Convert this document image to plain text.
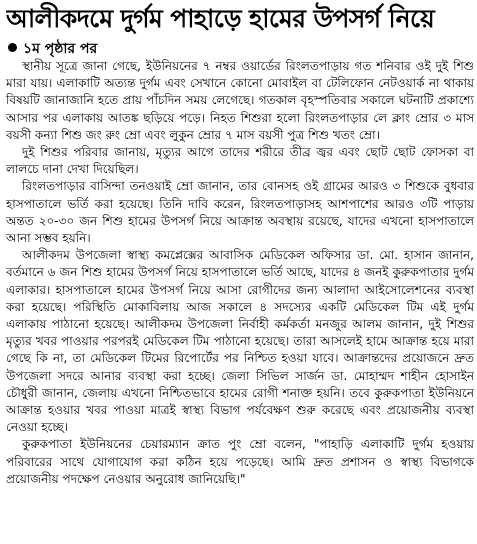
আলীকদমে দুর্গম পাহাড়ে হামের উপসর্গ নিয়ে
১ম পৃষ্ঠার পর

স্থানীয় সূত্রে জানা গেছে, ইউনিয়নের ৭ নম্বর ওয়ার্ডের রিংলতপাড়ায় গত শনিবার ওই দুই শিশু মারা যায়। এলাকাটি অত্যন্ত দুর্গম এবং সেখানে কোনো মোবাইল বা টেলিফোন নেটওয়ার্ক না থাকায় বিষয়টি জানাজানি হতে প্রায় পাঁচদিন সময় লেগেছে। গতকাল বৃহস্পতিবার সকালে ঘটনাটি প্রকাশ্যে আসার পর এলাকায় আতঙ্ক ছড়িয়ে পড়ে। নিহত শিশুরা হলো রিংলতপাড়ার লে ক্লাং ম্রোর ৩ মাস বয়সী কন্যা শিশু জং রুং ম্রো এবং লুকুন ম্রোর ৭ মাস বয়সী পুত্র শিশু খতং ম্রো।

দুই শিশুর পরিবার জানায়, মৃত্যুর আগে তাদের শরীরে তীব্র জ্বর এবং ছোট ছোট ফোসকা বা লালচে দানা দেখা দিয়েছিল।

রিংলতপাড়ার বাসিন্দা তনওয়াই ম্রো জানান, তার বোনসহ ওই গ্রামের আরও ৩ শিশুকে বুধবার হাসপাতালে ভর্তি করা হয়েছে। তিনি দাবি করেন, রিংলতপাড়াসহ আশপাশের আরও ৩টি পাড়ায় অন্তত ২০-৩০ জন শিশু হামের উপসর্গ নিয়ে আক্রান্ত অবস্থায় রয়েছে, যাদের এখনো হাসপাতালে আনা সম্ভব হয়নি।

আলীকদম উপজেলা স্বাস্থ্য কমপ্লেক্সের আবাসিক মেডিকেল অফিসার ডা. মো. হাসান জানান, বর্তমানে ৬ জন শিশু হামের উপসর্গ নিয়ে হাসপাতালে ভর্তি আছে, যাদের ৪ জনই কুরুকপাতার দুর্গম এলাকার। হাসপাতালে হামের উপসর্গ নিয়ে আসা রোগীদের জন্য আলাদা আইসোলেশনের ব্যবস্থা করা হয়েছে। পরিস্থিতি মোকাবিলায় আজ সকালে ৪ সদস্যের একটি মেডিকেল টিম এই দুর্গম এলাকায় পাঠানো হয়েছে। আলীকদম উপজেলা নির্বাহী কর্মকর্তা মনজুর আলম জানান, দুই শিশুর মৃত্যুর খবর পাওয়ার পরপরই মেডিকেল টিম পাঠানো হয়েছে। তারা আসলেই হামে আক্রান্ত হয়ে মারা গেছে কি না, তা মেডিকেল টিমের রিপোর্টের পর নিশ্চিত হওয়া যাবে। আক্রান্তদের প্রয়োজনে দ্রুত উপজেলা সদরে আনার ব্যবস্থা করা হচ্ছে। জেলা সিভিল সার্জন ডা. মোহাম্মদ শাহীন হোসাইন চৌধুরী জানান, জেলায় এখনো নিশ্চিতভাবে হামের রোগী শনাক্ত হয়নি। তবে কুরুকপাতা ইউনিয়নে আক্রান্ত হওয়ার খবর পাওয়া মাত্রই স্বাস্থ্য বিভাগ পর্যবেক্ষণ শুরু করেছে এবং প্রয়োজনীয় ব্যবস্থা নেওয়া হচ্ছে।

কুরুকপাতা ইউনিয়নের চেয়ারম্যান ক্রাত পুং ম্রো বলেন, "পাহাড়ি এলাকাটি দুর্গম হওয়ায় পরিবারের সাথে যোগাযোগ করা কঠিন হয়ে পড়েছে। আমি দ্রুত প্রশাসন ও স্বাস্থ্য বিভাগকে প্রয়োজনীয় পদক্ষেপ নেওয়ার অনুরোধ জানিয়েছি।"
